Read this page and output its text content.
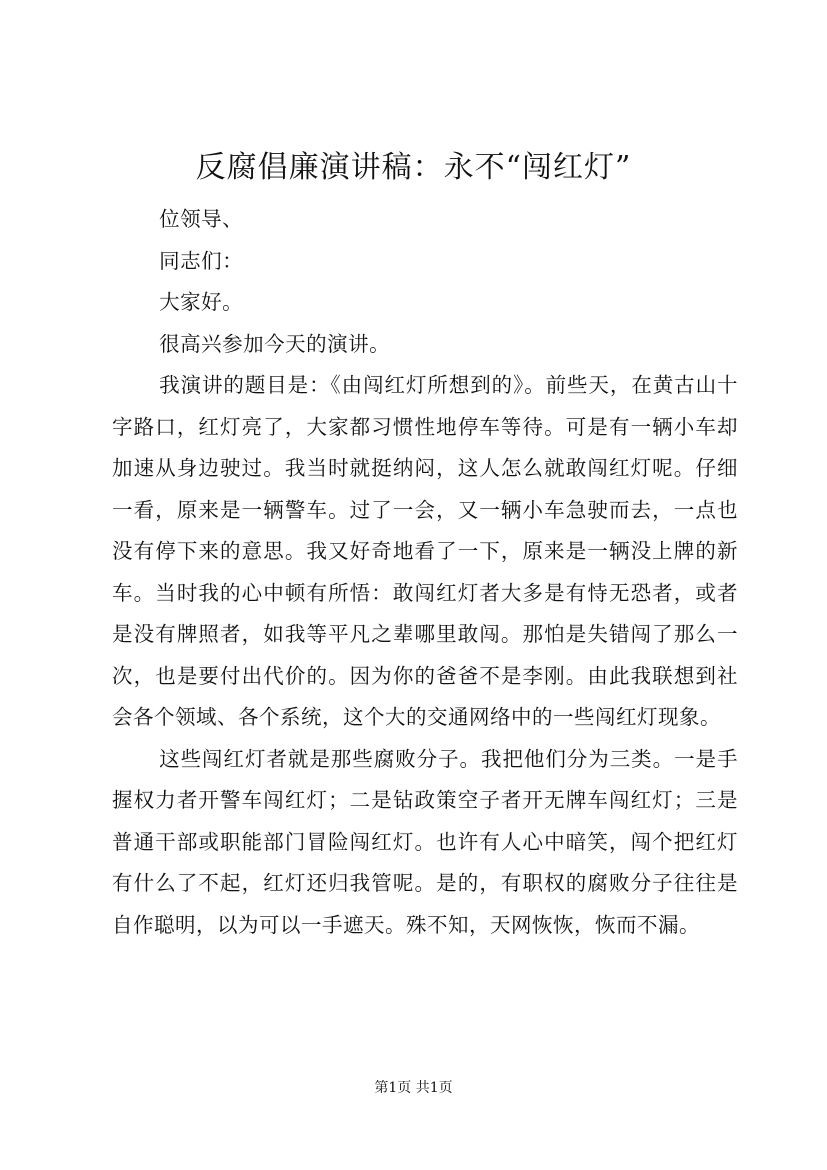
反腐倡廉演讲稿：永不“闯红灯”

位领导、

同志们：

大家好。

很高兴参加今天的演讲。

我演讲的题目是：《由闯红灯所想到的》。前些天，在黄古山十字路口，红灯亮了，大家都习惯性地停车等待。可是有一辆小车却加速从身边驶过。我当时就挺纳闷，这人怎么就敢闯红灯呢。仔细一看，原来是一辆警车。过了一会，又一辆小车急驶而去，一点也没有停下来的意思。我又好奇地看了一下，原来是一辆没上牌的新车。当时我的心中顿有所悟：敢闯红灯者大多是有恃无恐者，或者是没有牌照者，如我等平凡之辈哪里敢闯。那怕是失错闯了那么一次，也是要付出代价的。因为你的爸爸不是李刚。由此我联想到社会各个领域、各个系统，这个大的交通网络中的一些闯红灯现象。

这些闯红灯者就是那些腐败分子。我把他们分为三类。一是手握权力者开警车闯红灯；二是钻政策空子者开无牌车闯红灯；三是普通干部或职能部门冒险闯红灯。也许有人心中暗笑，闯个把红灯有什么了不起，红灯还归我管呢。是的，有职权的腐败分子往往是自作聪明，以为可以一手遮天。殊不知，天网恢恢，恢而不漏。

第1页 共1页
